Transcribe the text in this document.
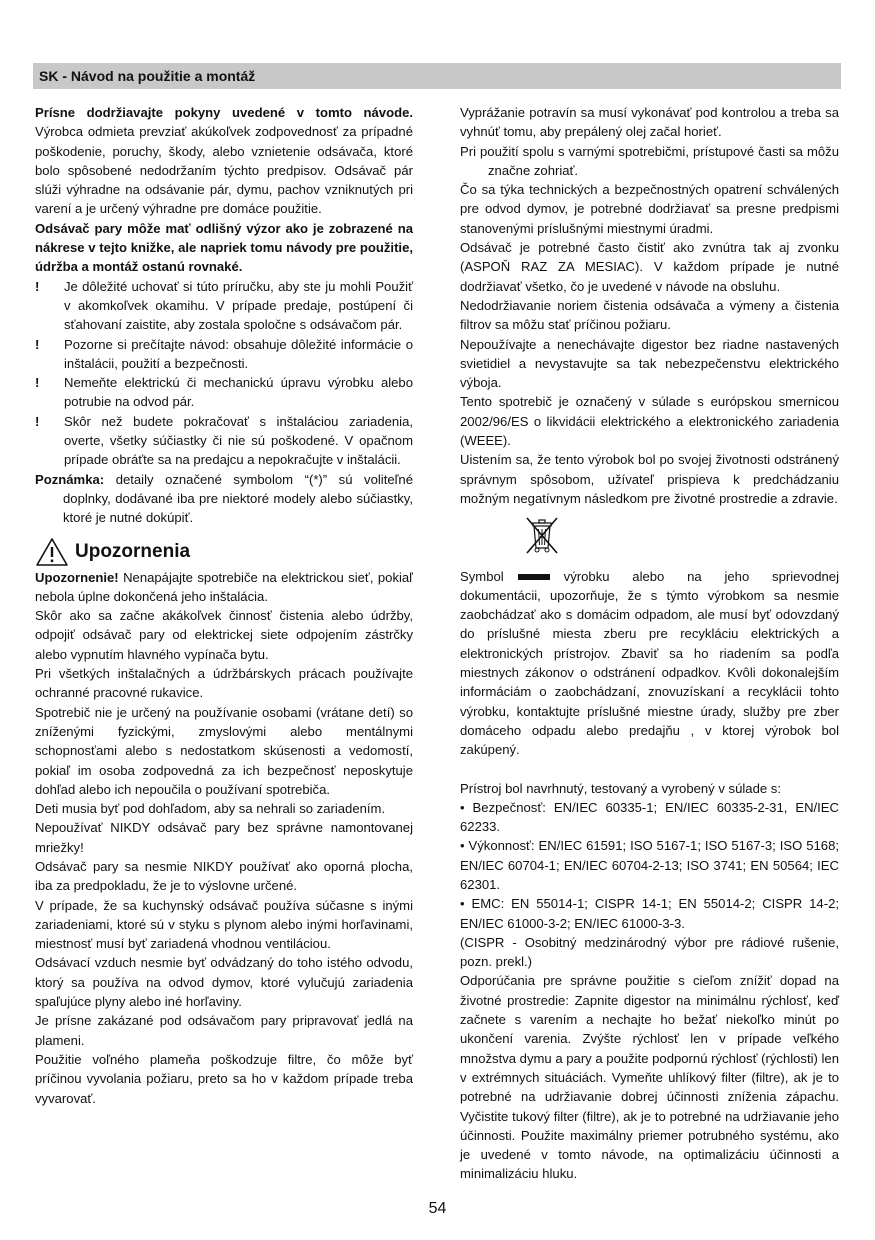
SK - Návod na použitie a montáž

Prísne dodržiavajte pokyny uvedené v tomto návode. Výrobca odmieta prevziať akúkoľvek zodpovednosť za prípadné poškodenie, poruchy, škody, alebo vznietenie odsávača, ktoré bolo spôsobené nedodržaním týchto predpisov. Odsávač pár slúži výhradne na odsávanie pár, dymu, pachov vzniknutých pri varení a je určený výhradne pre domáce použitie.

Odsávač pary môže mať odlišný výzor ako je zobrazené na nákrese v tejto knižke, ale napriek tomu návody pre použitie, údržba a montáž ostanú rovnaké.

!	Je dôležité uchovať si túto príručku, aby ste ju mohli Použiť v akomkoľvek okamihu. V prípade predaje, postúpení či sťahovaní zaistite, aby zostala spoločne s odsávačom pár.
!	Pozorne si prečítajte návod: obsahuje dôležité informácie o inštalácii, použití a bezpečnosti.
!	Nemeňte elektrickú či mechanickú úpravu výrobku alebo potrubie na odvod pár.
!	Skôr než budete pokračovať s inštaláciou zariadenia, overte, všetky súčiastky či nie sú poškodené. V opačnom prípade obráťte sa na predajcu a nepokračujte v inštalácii.

Poznámka: detaily označené symbolom “(*)” sú voliteľné doplnky, dodávané iba pre niektoré modely alebo súčiastky, ktoré je nutné dokúpiť.

Upozornenia

Upozornenie! Nenapájajte spotrebiče na elektrickou sieť, pokiaľ nebola úplne dokončená jeho inštalácia.

Skôr ako sa začne akákoľvek činnosť čistenia alebo údržby, odpojiť odsávač pary od elektrickej siete odpojením zástrčky alebo vypnutím hlavného vypínača bytu.

Pri všetkých inštalačných a údržbárskych prácach používajte ochranné pracovné rukavice.

Spotrebič nie je určený na používanie osobami (vrátane detí) so zníženými fyzickými, zmyslovými alebo mentálnymi schopnosťami alebo s nedostatkom skúsenosti a vedomostí, pokiaľ im osoba zodpovedná za ich bezpečnosť neposkytuje dohľad alebo ich nepoučila o používaní spotrebiča.

Deti musia byť pod dohľadom, aby sa nehrali so zariadením.

Nepoužívať NIKDY odsávač pary bez správne namontovanej mriežky!

Odsávač pary sa nesmie NIKDY používať ako oporná plocha, iba za predpokladu, že je to výslovne určené.

V prípade, že sa kuchynský odsávač používa súčasne s inými zariadeniami, ktoré sú v styku s plynom alebo inými horľavinami, miestnosť musí byť zariadená vhodnou ventiláciou.

Odsávací vzduch nesmie byť odvádzaný do toho istého odvodu, ktorý sa používa na odvod dymov, ktoré vylučujú zariadenia spaľujúce plyny alebo iné horľaviny.

Je prísne zakázané pod odsávačom pary pripravovať jedlá na plameni.

Použitie voľného plameňa poškodzuje filtre, čo môže byť príčinou vyvolania požiaru, preto sa ho v každom prípade treba vyvarovať.

Vyprážanie potravín sa musí vykonávať pod kontrolou a treba sa vyhnúť tomu, aby prepálený olej začal horieť.

Pri použití spolu s varnými spotrebičmi, prístupové časti sa môžu značne zohriať.

Čo sa týka technických a bezpečnostných opatrení schválených pre odvod dymov, je potrebné dodržiavať sa presne predpismi stanovenými príslušnými miestnymi úradmi.

Odsávač je potrebné často čistiť ako zvnútra tak aj zvonku (ASPOŇ RAZ ZA MESIAC). V každom prípade je nutné dodržiavať všetko, čo je uvedené v návode na obsluhu.

Nedodržiavanie noriem čistenia odsávača a výmeny a čistenia filtrov sa môžu stať príčinou požiaru.

Nepoužívajte a nenechávajte digestor bez riadne nastavených svietidiel a nevystavujte sa tak nebezpečenstvu elektrického výboja.

Tento spotrebič je označený v súlade s európskou smernicou 2002/96/ES o likvidácii elektrického a elektronického zariadenia (WEEE).

Uistením sa, že tento výrobok bol po svojej životnosti odstránený správnym spôsobom, užívateľ prispieva k predchádzaniu možným negatívnym následkom pre životné prostredie a zdravie.

Symbol	výrobku alebo na jeho sprievodnej dokumentácii, upozorňuje, že s týmto výrobkom sa nesmie zaobchádzať ako s domácim odpadom, ale musí byť odovzdaný do príslušné miesta zberu pre recykláciu elektrických a elektronických prístrojov. Zbaviť sa ho riadením sa podľa miestnych zákonov o odstránení odpadkov. Kvôli dokonalejším informáciám o zaobchádzaní, znovuzískaní a recyklácii tohto výrobku, kontaktujte príslušné miestne úrady, služby pre zber domáceho odpadu alebo predajňu , v ktorej výrobok bol zakúpený.

Prístroj bol navrhnutý, testovaný a vyrobený v súlade s:

• Bezpečnosť: EN/IEC 60335-1; EN/IEC 60335-2-31, EN/IEC 62233.

• Výkonnosť: EN/IEC 61591; ISO 5167-1; ISO 5167-3; ISO 5168; EN/IEC 60704-1; EN/IEC 60704-2-13; ISO 3741; EN 50564; IEC 62301.

• EMC: EN 55014-1; CISPR 14-1; EN 55014-2; CISPR 14-2; EN/IEC 61000-3-2; EN/IEC 61000-3-3.

(CISPR - Osobitný medzinárodný výbor pre rádiové rušenie, pozn. prekl.)

Odporúčania pre správne použitie s cieľom znížiť dopad na životné prostredie: Zapnite digestor na minimálnu rýchlosť, keď začnete s varením a nechajte ho bežať niekoľko minút po ukončení varenia. Zvýšte rýchlosť len v prípade veľkého množstva dymu a pary a použite podpornú rýchlosť (rýchlosti) len v extrémnych situáciách. Vymeňte uhlíkový filter (filtre), ak je to potrebné na udržiavanie dobrej účinnosti zníženia zápachu. Vyčistite tukový filter (filtre), ak je to potrebné na udržiavanie jeho účinnosti. Použite maximálny priemer potrubného systému, ako je uvedené v tomto návode, na optimalizáciu účinnosti a minimalizáciu hluku.

54
